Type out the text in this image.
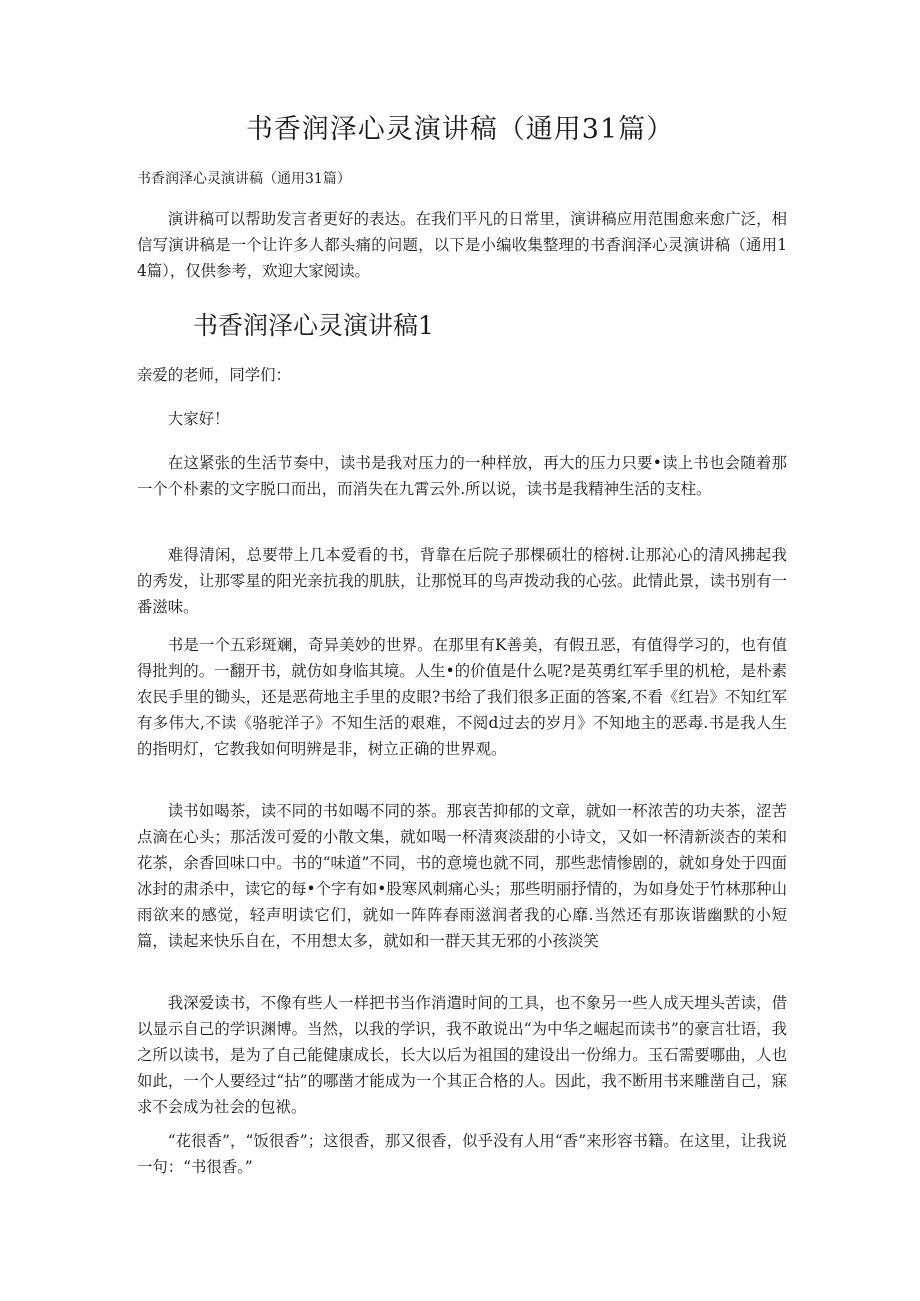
书香润泽心灵演讲稿（通用31篇）
书香润泽心灵演讲稿（通用31篇）

演讲稿可以帮助发言者更好的表达。在我们平凡的日常里，演讲稿应用范围愈来愈广泛，相信写演讲稿是一个让许多人都头痛的问题，以下是小编收集整理的书香润泽心灵演讲稿（通用14篇），仅供参考，欢迎大家阅读。

书香润泽心灵演讲稿1

亲爱的老师，同学们：

大家好！

在这紧张的生活节奏中，读书是我对压力的一种样放，再大的压力只要•读上书也会随着那一个个朴素的文字脱口而出，而消失在九霄云外.所以说，读书是我精神生活的支柱。

难得清闲，总要带上几本爱看的书，背靠在后院子那棵硕壮的榕树.让那沁心的清风拂起我的秀发，让那零星的阳光亲抗我的肌肤，让那悦耳的鸟声拨动我的心弦。此情此景，读书别有一番滋味。

书是一个五彩斑斓，奇异美妙的世界。在那里有K善美，有假丑恶，有值得学习的，也有值得批判的。一翻开书，就仿如身临其境。人生•的价值是什么呢?是英勇红军手里的机枪，是朴素农民手里的锄头，还是恶荷地主手里的皮眼?书给了我们很多正面的答案,不看《红岩》不知红军有多伟大,不读《骆驼洋子》不知生活的艰难，不阅d过去的岁月》不知地主的恶毒.书是我人生的指明灯，它教我如何明辨是非，树立正确的世界观。

读书如喝茶，读不同的书如喝不同的茶。那哀苦抑郁的文章，就如一杯浓苦的功夫茶，涩苦点滴在心头；那活泼可爱的小散文集，就如喝一杯清爽淡甜的小诗文，又如一杯清新淡杏的茉和花茶，余香回味口中。书的“味道”不同，书的意境也就不同，那些悲情惨剧的，就如身处于四面冰封的肃杀中，读它的每•个字有如•股寒风刺痛心头；那些明丽抒情的，为如身处于竹林那种山雨欲来的感觉，轻声明读它们，就如一阵阵春雨滋润者我的心靡.当然还有那诙谐幽默的小短篇，读起来快乐自在，不用想太多，就如和一群天其无邪的小孩淡笑

我深爱读书，不像有些人一样把书当作消遣时间的工具，也不象另一些人成天埋头苦读，借以显示自己的学识渊博。当然，以我的学识，我不敢说出“为中华之崛起而读书”的豪言壮语，我之所以读书，是为了自己能健康成长，长大以后为祖国的建设出一份绵力。玉石需要哪曲，人也如此，一个人要经过“拈”的哪凿才能成为一个其正合格的人。因此，我不断用书来雕凿自己，寐求不会成为社会的包袱。

“花很香”，“饭很香”；这很香，那又很香，似乎没有人用“香”来形容书籍。在这里，让我说一句：“书很香。”
